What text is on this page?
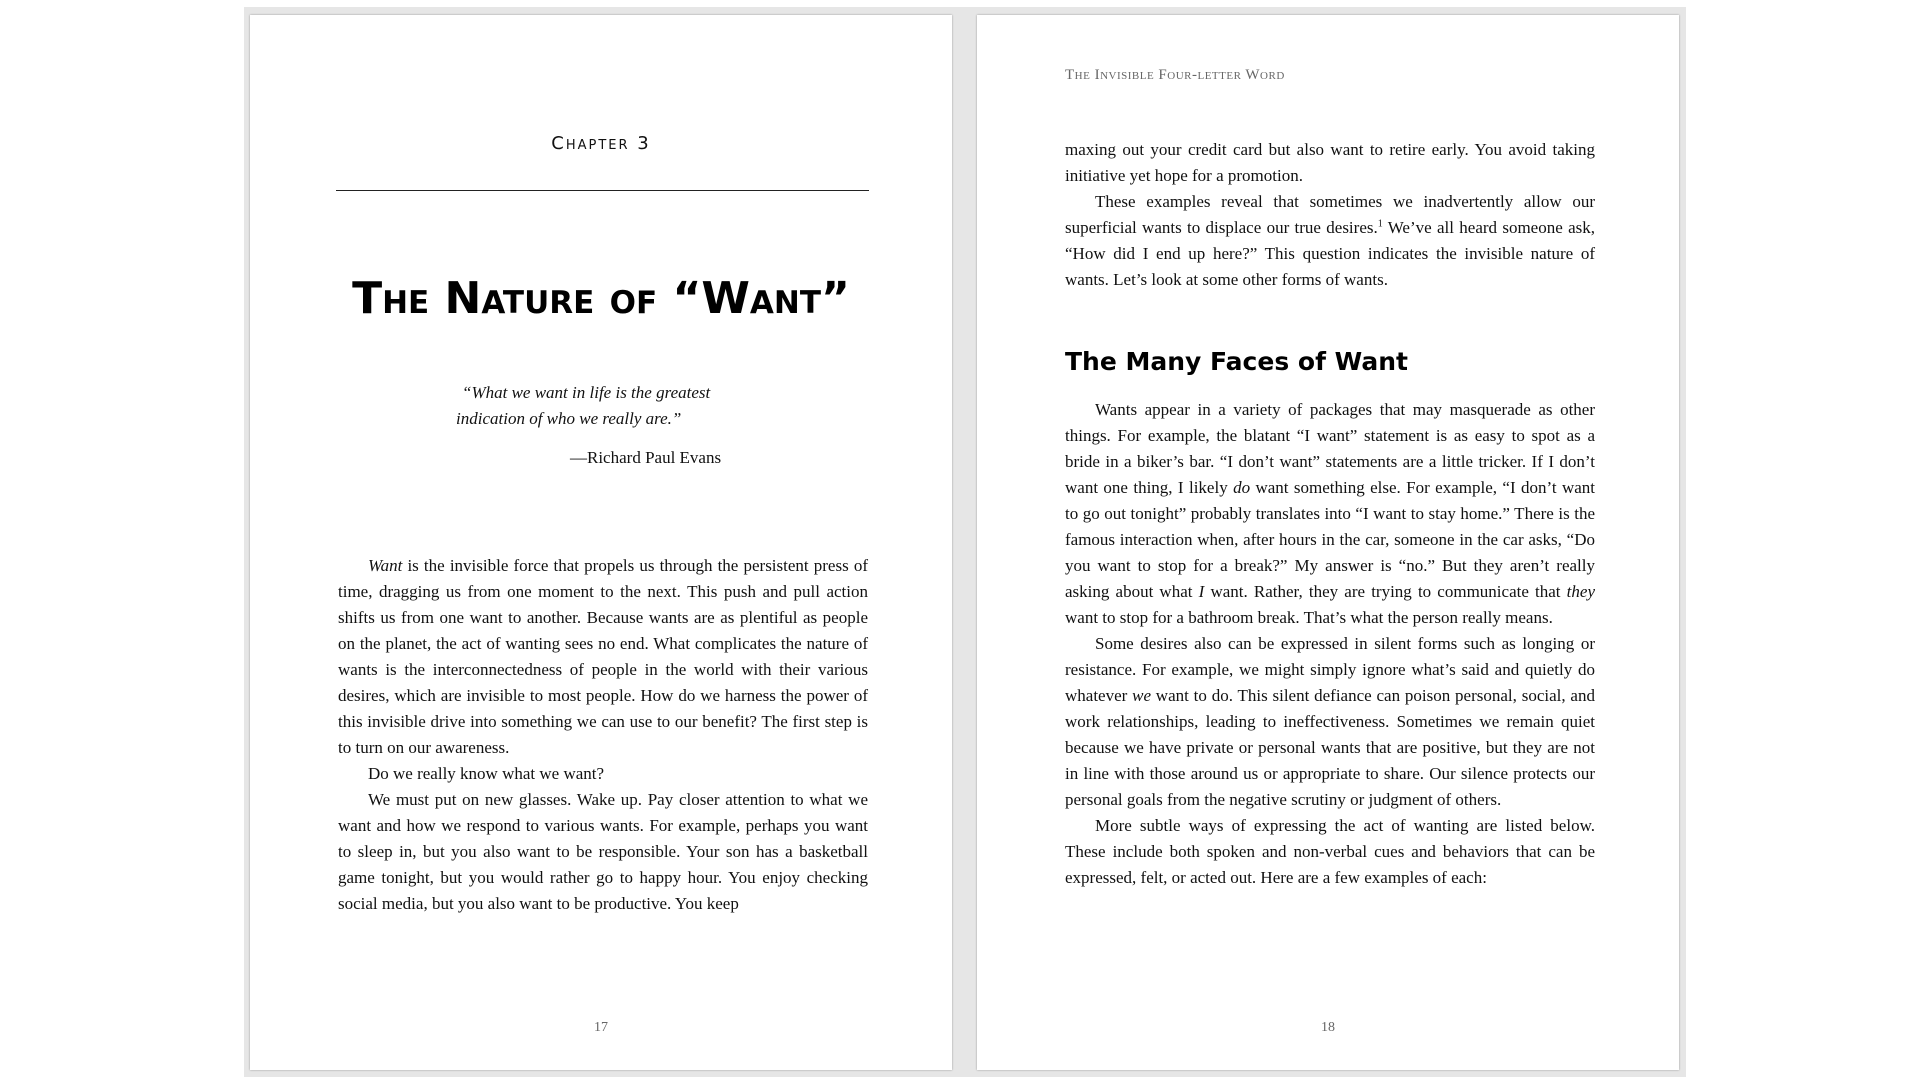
Chapter 3
The Nature of “Want”
“What we want in life is the greatest
indication of who we really are.”
—Richard Paul Evans

Want is the invisible force that propels us through the persistent press of time, dragging us from one moment to the next. This push and pull action shifts us from one want to another. Because wants are as plentiful as people on the planet, the act of wanting sees no end. What complicates the nature of wants is the interconnectedness of people in the world with their various desires, which are invisible to most people. How do we harness the power of this invisible drive into something we can use to our benefit? The first step is to turn on our awareness.

Do we really know what we want?

We must put on new glasses. Wake up. Pay closer attention to what we want and how we respond to various wants. For example, perhaps you want to sleep in, but you also want to be responsible. Your son has a basketball game tonight, but you would rather go to happy hour. You enjoy checking social media, but you also want to be productive. You keep

17
The Invisible Four-letter Word

maxing out your credit card but also want to retire early. You avoid taking initiative yet hope for a promotion.

These examples reveal that sometimes we inadvertently allow our superficial wants to displace our true desires.$^1$ We’ve all heard someone ask, “How did I end up here?” This question indicates the invisible nature of wants. Let’s look at some other forms of wants.

The Many Faces of Want

Wants appear in a variety of packages that may masquerade as other things. For example, the blatant “I want” statement is as easy to spot as a bride in a biker’s bar. “I don’t want” statements are a little tricker. If I don’t want one thing, I likely do want something else. For example, “I don’t want to go out tonight” probably translates into “I want to stay home.” There is the famous interaction when, after hours in the car, someone in the car asks, “Do you want to stop for a break?” My answer is “no.” But they aren’t really asking about what I want. Rather, they are trying to communicate that they want to stop for a bathroom break. That’s what the person really means.

Some desires also can be expressed in silent forms such as longing or resistance. For example, we might simply ignore what’s said and quietly do whatever we want to do. This silent defiance can poison personal, social, and work relationships, leading to ineffectiveness. Sometimes we remain quiet because we have private or personal wants that are positive, but they are not in line with those around us or appropriate to share. Our silence protects our personal goals from the negative scrutiny or judgment of others.

More subtle ways of expressing the act of wanting are listed below. These include both spoken and non-verbal cues and behaviors that can be expressed, felt, or acted out. Here are a few examples of each:

18
